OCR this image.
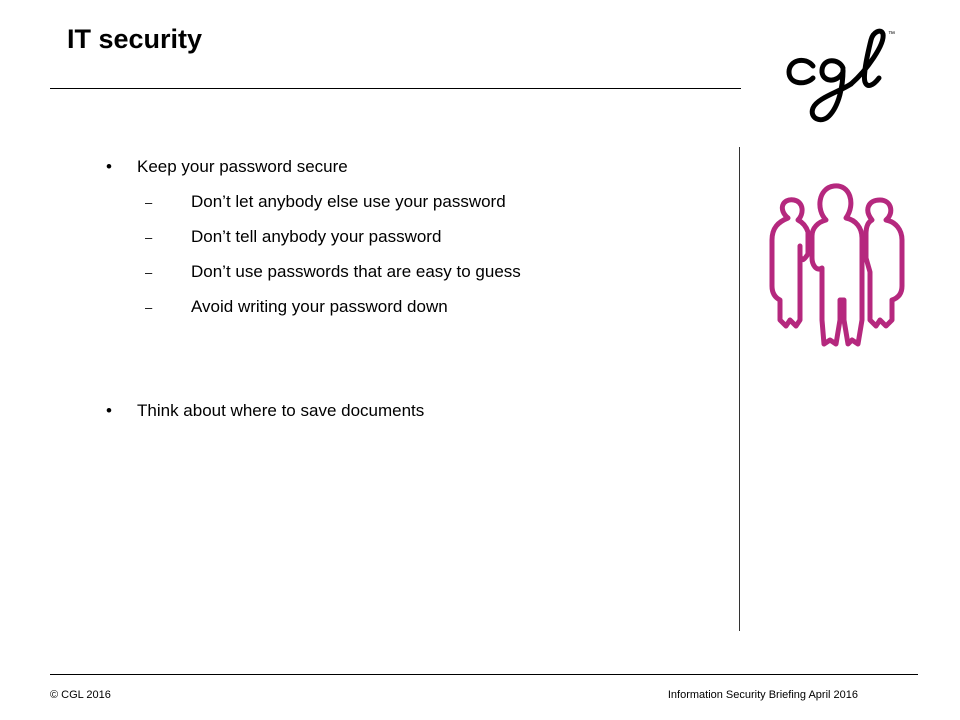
IT security	™
• Keep your password secure
– Don’t let anybody else use your password
– Don’t tell anybody your password
– Don’t use passwords that are easy to guess
– Avoid writing your password down
• Think about where to save documents
© CGL 2016	Information Security Briefing April 2016
